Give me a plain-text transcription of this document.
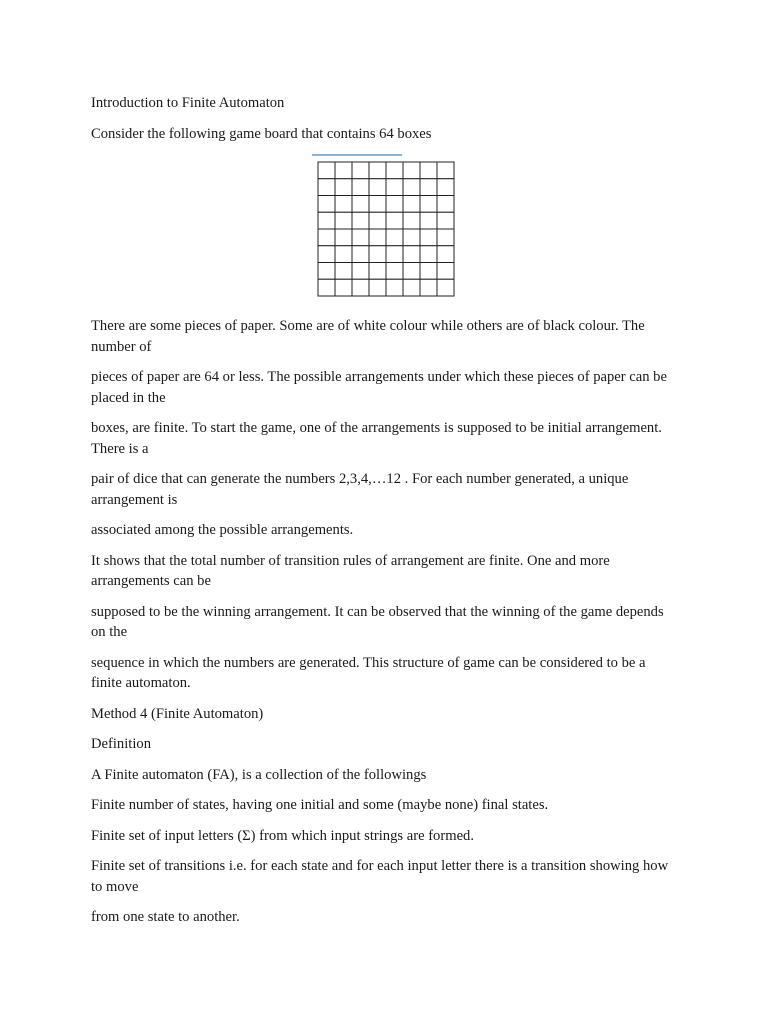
Introduction to Finite Automaton

Consider the following game board that contains 64 boxes

There are some pieces of paper. Some are of white colour while others are of black colour. The number of

pieces of paper are 64 or less. The possible arrangements under which these pieces of paper can be placed in the

boxes, are finite. To start the game, one of the arrangements is supposed to be initial arrangement. There is a

pair of dice that can generate the numbers 2,3,4,…12 . For each number generated, a unique arrangement is

associated among the possible arrangements.

It shows that the total number of transition rules of arrangement are finite. One and more arrangements can be

supposed to be the winning arrangement. It can be observed that the winning of the game depends on the

sequence in which the numbers are generated. This structure of game can be considered to be a finite automaton.

Method 4 (Finite Automaton)

Definition

A Finite automaton (FA), is a collection of the followings

Finite number of states, having one initial and some (maybe none) final states.

Finite set of input letters (Σ) from which input strings are formed.

Finite set of transitions i.e. for each state and for each input letter there is a transition showing how to move

from one state to another.
